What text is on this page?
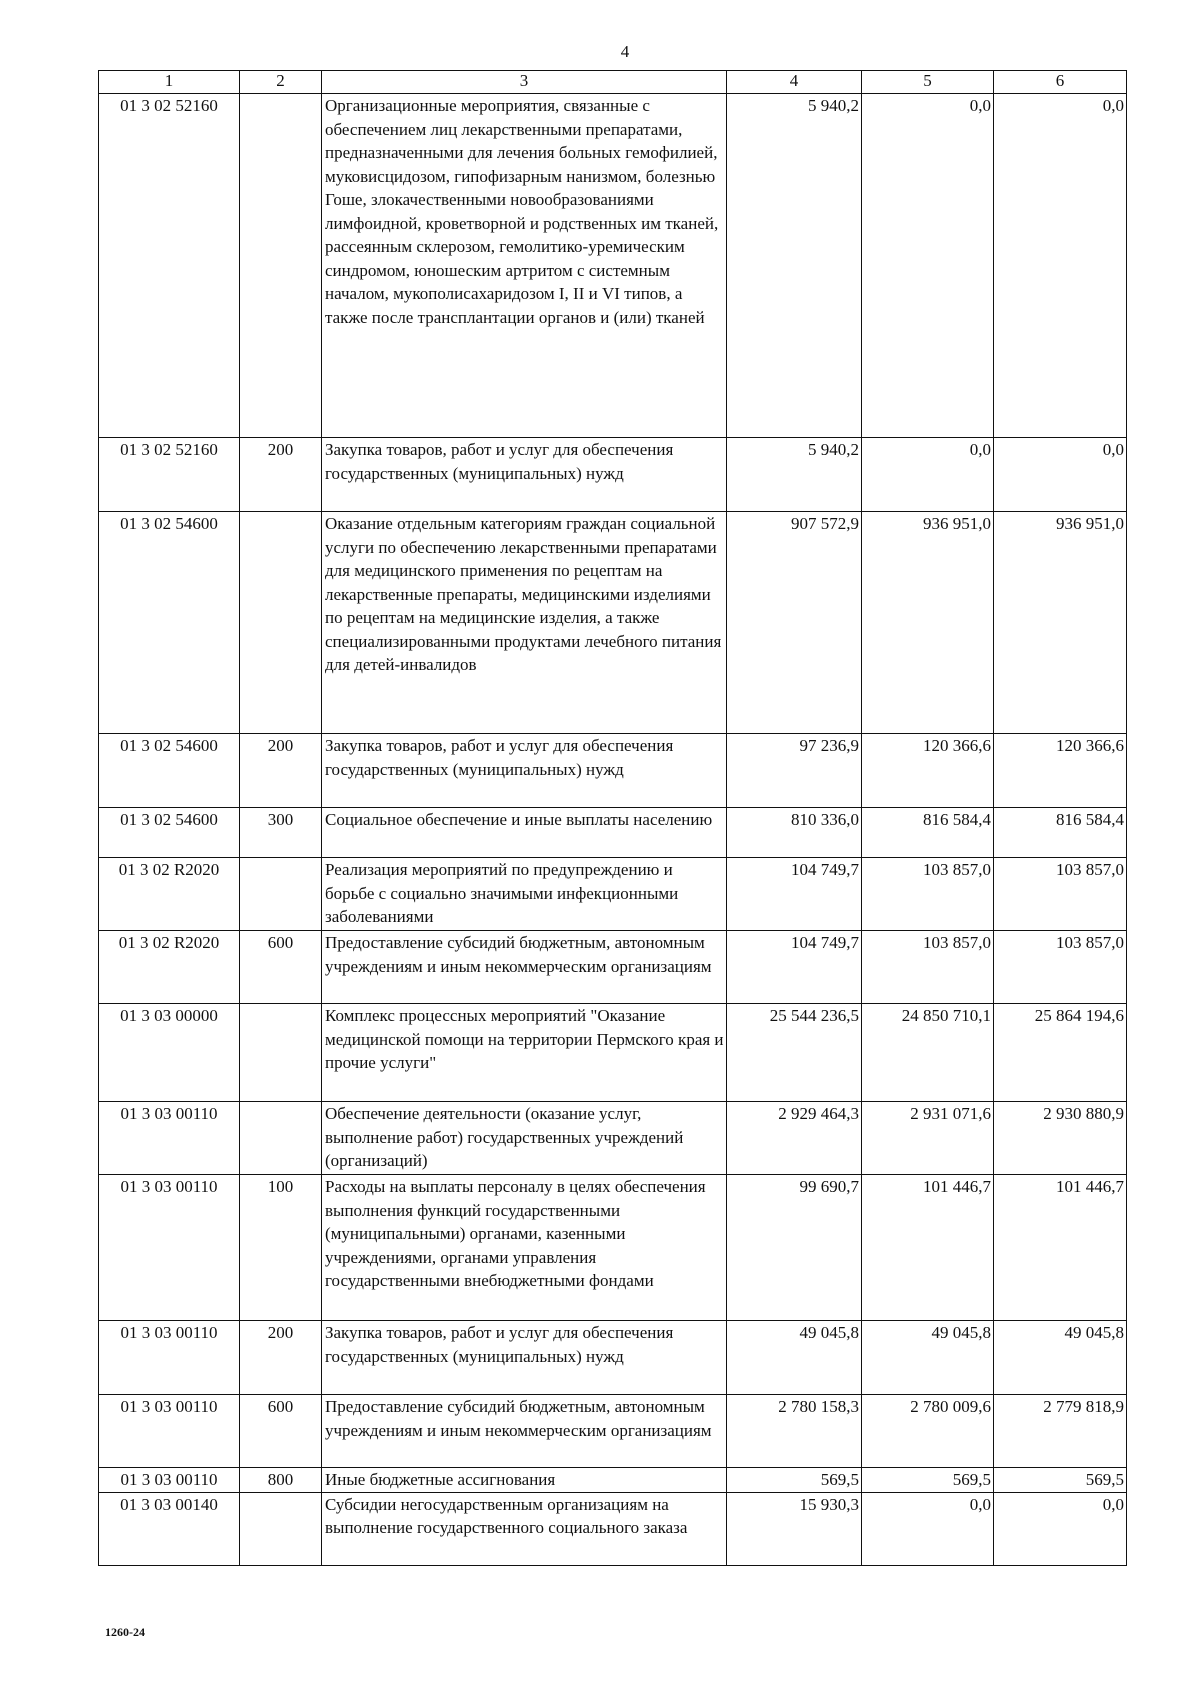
4
1	2	3	4	5	6
01 3 02 52160		Организационные мероприятия, связанные с обеспечением лиц лекарственными препаратами, предназначенными для лечения больных гемофилией, муковисцидозом, гипофизарным нанизмом, болезнью Гоше, злокачественными новообразованиями лимфоидной, кроветворной и родственных им тканей, рассеянным склерозом, гемолитико-уремическим синдромом, юношеским артритом с системным началом, мукополисахаридозом I, II и VI типов, а также после трансплантации органов и (или) тканей	5 940,2	0,0	0,0
01 3 02 52160	200	Закупка товаров, работ и услуг для обеспечения государственных (муниципальных) нужд	5 940,2	0,0	0,0
01 3 02 54600		Оказание отдельным категориям граждан социальной услуги по обеспечению лекарственными препаратами для медицинского применения по рецептам на лекарственные препараты, медицинскими изделиями по рецептам на медицинские изделия, а также специализированными продуктами лечебного питания для детей-инвалидов	907 572,9	936 951,0	936 951,0
01 3 02 54600	200	Закупка товаров, работ и услуг для обеспечения государственных (муниципальных) нужд	97 236,9	120 366,6	120 366,6
01 3 02 54600	300	Социальное обеспечение и иные выплаты населению	810 336,0	816 584,4	816 584,4
01 3 02 R2020		Реализация мероприятий по предупреждению и борьбе с социально значимыми инфекционными заболеваниями	104 749,7	103 857,0	103 857,0
01 3 02 R2020	600	Предоставление субсидий бюджетным, автономным учреждениям и иным некоммерческим организациям	104 749,7	103 857,0	103 857,0
01 3 03 00000		Комплекс процессных мероприятий "Оказание медицинской помощи на территории Пермского края и прочие услуги"	25 544 236,5	24 850 710,1	25 864 194,6
01 3 03 00110		Обеспечение деятельности (оказание услуг, выполнение работ) государственных учреждений (организаций)	2 929 464,3	2 931 071,6	2 930 880,9
01 3 03 00110	100	Расходы на выплаты персоналу в целях обеспечения выполнения функций государственными (муниципальными) органами, казенными учреждениями, органами управления государственными внебюджетными фондами	99 690,7	101 446,7	101 446,7
01 3 03 00110	200	Закупка товаров, работ и услуг для обеспечения государственных (муниципальных) нужд	49 045,8	49 045,8	49 045,8
01 3 03 00110	600	Предоставление субсидий бюджетным, автономным учреждениям и иным некоммерческим организациям	2 780 158,3	2 780 009,6	2 779 818,9
01 3 03 00110	800	Иные бюджетные ассигнования	569,5	569,5	569,5
01 3 03 00140		Субсидии негосударственным организациям на выполнение государственного социального заказа	15 930,3	0,0	0,0
1260-24
